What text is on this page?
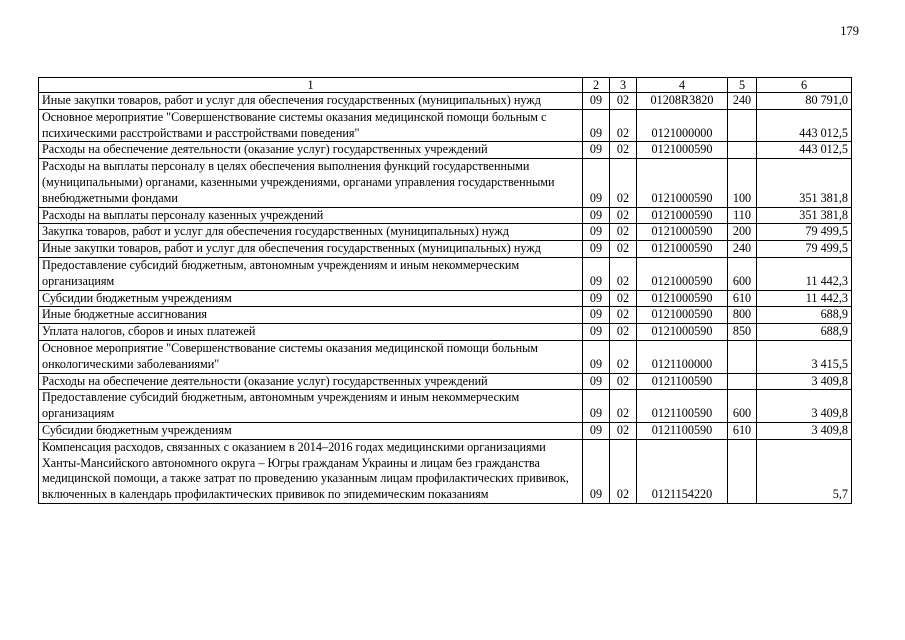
179
1	2	3	4	5	6
Иные закупки товаров, работ и услуг для обеспечения государственных (муниципальных) нужд	09	02	01208R3820	240	80 791,0
Основное мероприятие "Совершенствование системы оказания медицинской помощи больным с психическими расстройствами и расстройствами поведения"	09	02	0121000000		443 012,5
Расходы на обеспечение деятельности (оказание услуг) государственных учреждений	09	02	0121000590		443 012,5
Расходы на выплаты персоналу в целях обеспечения выполнения функций государственными (муниципальными) органами, казенными учреждениями, органами управления государственными внебюджетными фондами	09	02	0121000590	100	351 381,8
Расходы на выплаты персоналу казенных учреждений	09	02	0121000590	110	351 381,8
Закупка товаров, работ и услуг для обеспечения государственных (муниципальных) нужд	09	02	0121000590	200	79 499,5
Иные закупки товаров, работ и услуг для обеспечения государственных (муниципальных) нужд	09	02	0121000590	240	79 499,5
Предоставление субсидий бюджетным, автономным учреждениям и иным некоммерческим организациям	09	02	0121000590	600	11 442,3
Субсидии бюджетным учреждениям	09	02	0121000590	610	11 442,3
Иные бюджетные ассигнования	09	02	0121000590	800	688,9
Уплата налогов, сборов и иных платежей	09	02	0121000590	850	688,9
Основное мероприятие "Совершенствование системы оказания медицинской помощи больным онкологическими заболеваниями"	09	02	0121100000		3 415,5
Расходы на обеспечение деятельности (оказание услуг) государственных учреждений	09	02	0121100590		3 409,8
Предоставление субсидий бюджетным, автономным учреждениям и иным некоммерческим организациям	09	02	0121100590	600	3 409,8
Субсидии бюджетным учреждениям	09	02	0121100590	610	3 409,8
Компенсация расходов, связанных с оказанием в 2014–2016 годах медицинскими организациями Ханты-Мансийского автономного округа – Югры гражданам Украины и лицам без гражданства медицинской помощи, а также затрат по проведению указанным лицам профилактических прививок, включенных в календарь профилактических прививок по эпидемическим показаниям	09	02	0121154220		5,7
